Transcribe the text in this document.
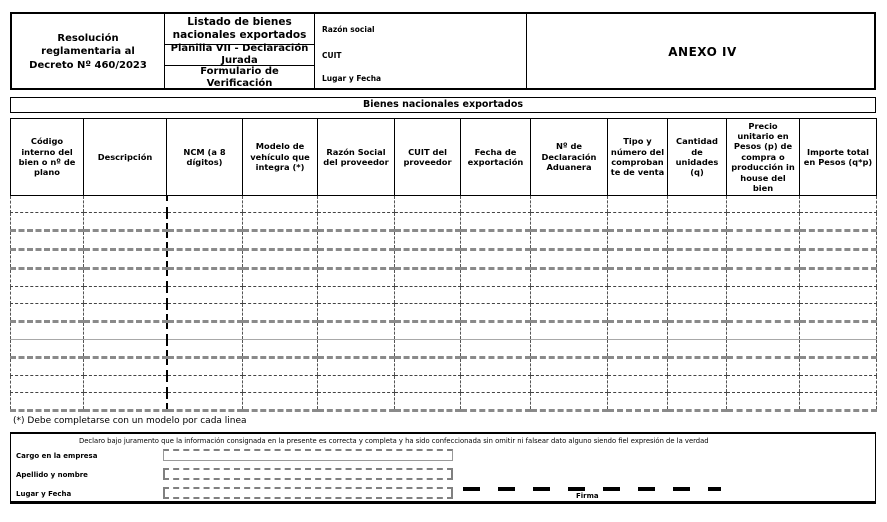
Resolución reglamentaria al Decreto Nº 460/2023
Listado de bienes nacionales exportados
Planilla VII - Declaración Jurada
Formulario de Verificación
Razón social
CUIT
Lugar y Fecha
ANEXO IV
Bienes nacionales exportados
Código interno del bien o nº de plano	Descripción	NCM (a 8 dígitos)	Modelo de vehículo que integra (*)	Razón Social del proveedor	CUIT del proveedor	Fecha de exportación	Nº de Declaración Aduanera	Tipo y número del comproban te de venta	Cantidad de unidades (q)	Precio unitario en Pesos (p) de compra o producción in house del bien	Importe total en Pesos (q*p)

(*) Debe completarse con un modelo por cada linea
Declaro bajo juramento que la información consignada en la presente es correcta y completa y ha sido confeccionada sin omitir ni falsear dato alguno siendo fiel expresión de la verdad
Cargo en la empresa
Apellido y nombre
Lugar y Fecha	Firma
